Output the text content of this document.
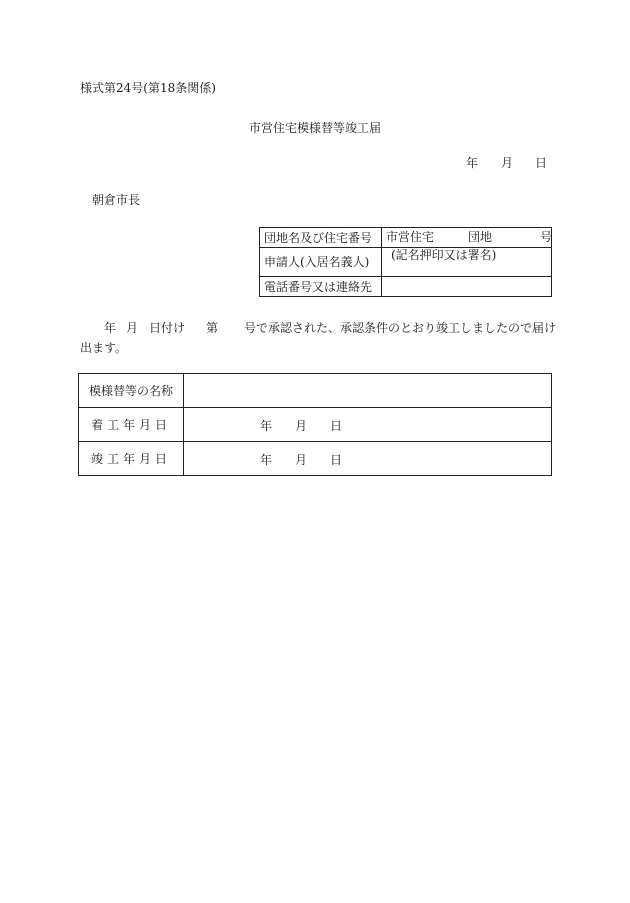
様式第24号(第18条関係)
市営住宅模様替等竣工届
年 月 日
朝倉市長
団地名及び住宅番号	市営住宅 団地 号

申請人(入居名義人)	(記名押印又は署名)

電話番号又は連絡先	
年 月 日付け 第 号で承認された、承認条件のとおり竣工しましたので届け
出ます。
模様替等の名称	
着工年月日	年 月 日

竣工年月日	年 月 日
